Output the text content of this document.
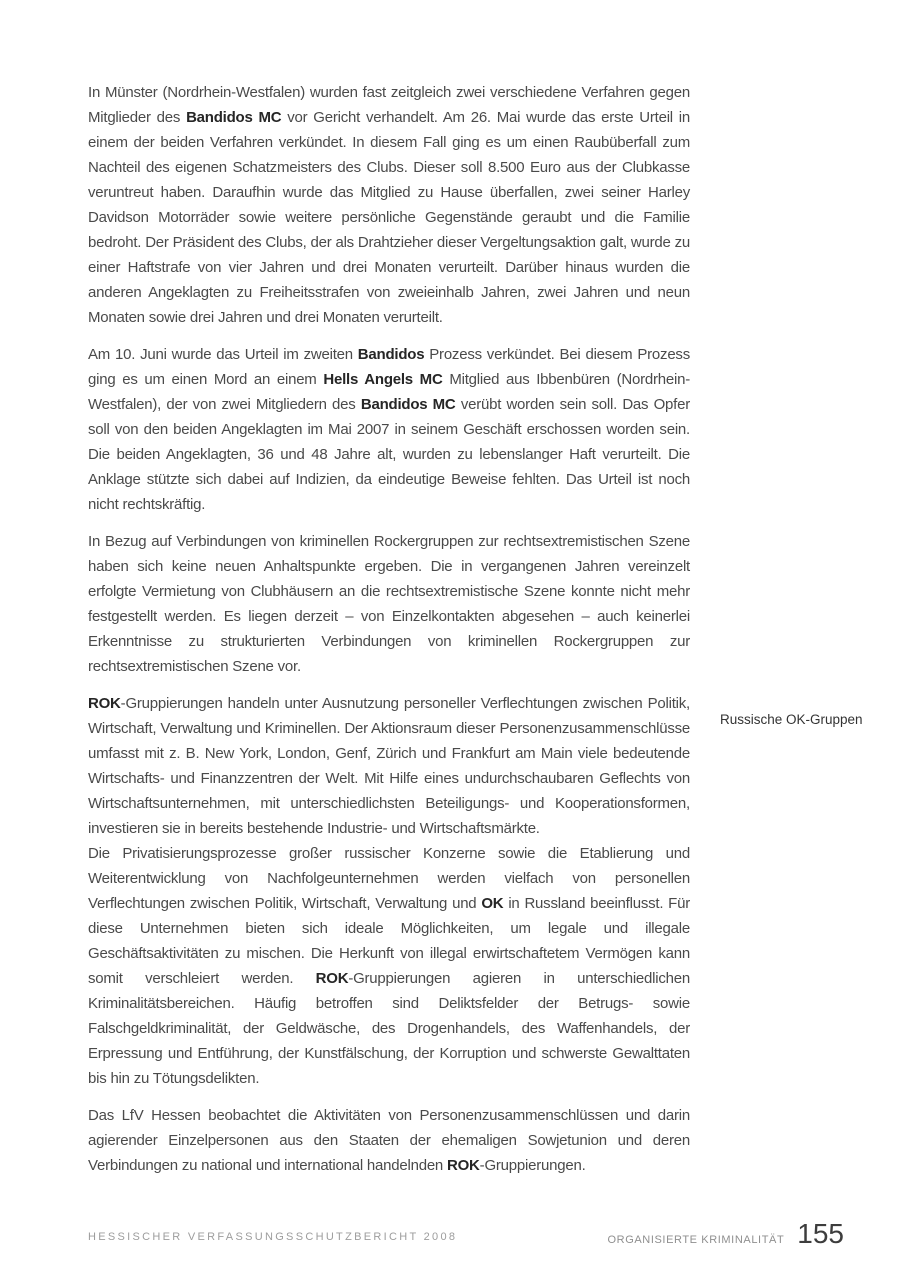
In Münster (Nordrhein-Westfalen) wurden fast zeitgleich zwei verschiedene Verfahren gegen Mitglieder des Bandidos MC vor Gericht verhandelt. Am 26. Mai wurde das erste Urteil in einem der beiden Verfahren verkündet. In diesem Fall ging es um einen Raubüberfall zum Nachteil des eigenen Schatzmeisters des Clubs. Dieser soll 8.500 Euro aus der Clubkasse veruntreut haben. Daraufhin wurde das Mitglied zu Hause überfallen, zwei seiner Harley Davidson Motorräder sowie weitere persönliche Gegenstände geraubt und die Familie bedroht. Der Präsident des Clubs, der als Drahtzieher dieser Vergeltungsaktion galt, wurde zu einer Haftstrafe von vier Jahren und drei Monaten verurteilt. Darüber hinaus wurden die anderen Angeklagten zu Freiheitsstrafen von zweieinhalb Jahren, zwei Jahren und neun Monaten sowie drei Jahren und drei Monaten verurteilt.

Am 10. Juni wurde das Urteil im zweiten Bandidos Prozess verkündet. Bei diesem Prozess ging es um einen Mord an einem Hells Angels MC Mitglied aus Ibbenbüren (Nordrhein-Westfalen), der von zwei Mitgliedern des Bandidos MC verübt worden sein soll. Das Opfer soll von den beiden Angeklagten im Mai 2007 in seinem Geschäft erschossen worden sein. Die beiden Angeklagten, 36 und 48 Jahre alt, wurden zu lebenslanger Haft verurteilt. Die Anklage stützte sich dabei auf Indizien, da eindeutige Beweise fehlten. Das Urteil ist noch nicht rechtskräftig.

In Bezug auf Verbindungen von kriminellen Rockergruppen zur rechtsextremistischen Szene haben sich keine neuen Anhaltspunkte ergeben. Die in vergangenen Jahren vereinzelt erfolgte Vermietung von Clubhäusern an die rechtsextremistische Szene konnte nicht mehr festgestellt werden. Es liegen derzeit – von Einzelkontakten abgesehen – auch keinerlei Erkenntnisse zu strukturierten Verbindungen von kriminellen Rockergruppen zur rechtsextremistischen Szene vor.

ROK-Gruppierungen handeln unter Ausnutzung personeller Verflechtungen zwischen Politik, Wirtschaft, Verwaltung und Kriminellen. Der Aktionsraum dieser Personenzusammenschlüsse umfasst mit z. B. New York, London, Genf, Zürich und Frankfurt am Main viele bedeutende Wirtschafts- und Finanzzentren der Welt. Mit Hilfe eines undurchschaubaren Geflechts von Wirtschaftsunternehmen, mit unterschiedlichsten Beteiligungs- und Kooperationsformen, investieren sie in bereits bestehende Industrie- und Wirtschaftsmärkte.

Die Privatisierungsprozesse großer russischer Konzerne sowie die Etablierung und Weiterentwicklung von Nachfolgeunternehmen werden vielfach von personellen Verflechtungen zwischen Politik, Wirtschaft, Verwaltung und OK in Russland beeinflusst. Für diese Unternehmen bieten sich ideale Möglichkeiten, um legale und illegale Geschäftsaktivitäten zu mischen. Die Herkunft von illegal erwirtschaftetem Vermögen kann somit verschleiert werden. ROK-Gruppierungen agieren in unterschiedlichen Kriminalitätsbereichen. Häufig betroffen sind Deliktsfelder der Betrugs- sowie Falschgeldkriminalität, der Geldwäsche, des Drogenhandels, des Waffenhandels, der Erpressung und Entführung, der Kunstfälschung, der Korruption und schwerste Gewalttaten bis hin zu Tötungsdelikten.

Das LfV Hessen beobachtet die Aktivitäten von Personenzusammenschlüssen und darin agierender Einzelpersonen aus den Staaten der ehemaligen Sowjetunion und deren Verbindungen zu national und international handelnden ROK-Gruppierungen.

Russische OK-Gruppen
HESSISCHER VERFASSUNGSSCHUTZBERICHT 2008	ORGANISIERTE KRIMINALITÄT 155
